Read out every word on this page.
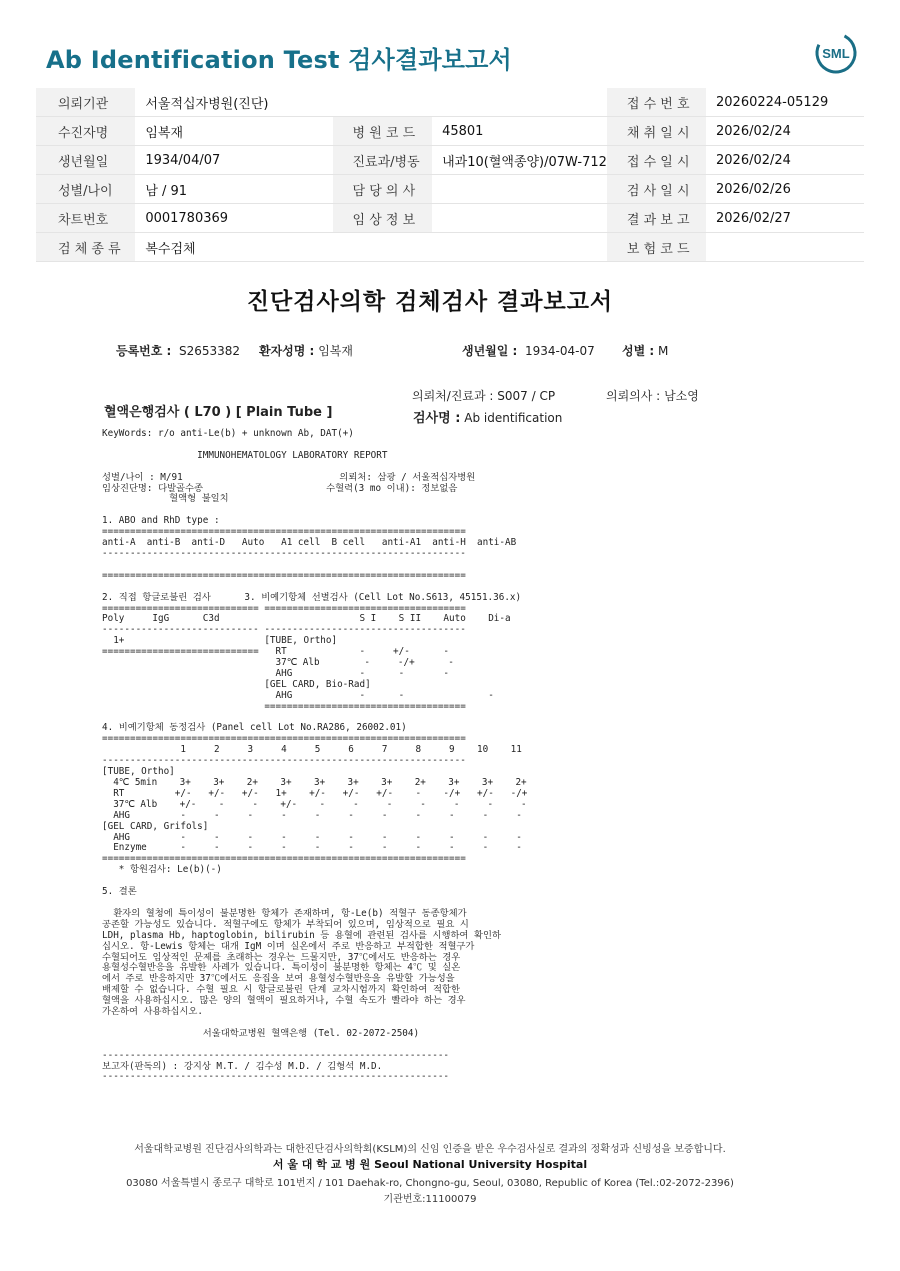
Ab Identification Test 검사결과보고서	SML
의뢰기관	서울적십자병원(진단)			접 수 번 호	20260224-05129
수진자명	임복재	병 원 코 드	45801	채 취 일 시	2026/02/24
생년월일	1934/04/07	진료과/병동	내과10(혈액종양)/07W-712	접 수 일 시	2026/02/24
성별/나이	남 / 91	담 당 의 사		검 사 일 시	2026/02/26
차트번호	0001780369	임 상 정 보		결 과 보 고	2026/02/27
검 체 종 류	복수검체			보 험 코 드	
진단검사의학 검체검사 결과보고서
등록번호 : S2653382 환자성명 : 임복재	생년월일 : 1934-04-07 성별 : M
의뢰처/진료과 : S007 / CP	의뢰의사 : 남소영
혈액은행검사 ( L70 ) [ Plain Tube ]	검사명 : Ab identification
KeyWords: r/o anti-Le(b) + unknown Ab, DAT(+)

IMMUNOHEMATOLOGY LABORATORY REPORT

성별/나이 : M/91                            의뢰처: 삼광 / 서울적십자병원
임상진단명: 다발골수종                      수혈력(3 mo 이내): 정보없음
혈액형 불일치

1. ABO and RhD type :
=================================================================
anti-A  anti-B  anti-D   Auto   A1 cell  B cell   anti-A1  anti-H  anti-AB
-----------------------------------------------------------------

=================================================================

2. 직접 항글로불린 검사      3. 비예기항체 선별검사 (Cell Lot No.S613, 45151.36.x)
============================ ====================================
Poly     IgG      C3d                         S I    S II    Auto    Di-a
---------------------------- ------------------------------------
1+                         [TUBE, Ortho]
============================   RT             -     +/-      -
37℃ Alb        -     -/+      -
AHG            -      -       -
[GEL CARD, Bio-Rad]
AHG            -      -               -
====================================

4. 비예기항체 동정검사 (Panel cell Lot No.RA286, 26002.01)
=================================================================
1     2     3     4     5     6     7     8     9    10    11
-----------------------------------------------------------------
[TUBE, Ortho]
4℃ 5min    3+    3+    2+    3+    3+    3+    3+    2+    3+    3+    2+
RT         +/-   +/-   +/-   1+    +/-   +/-   +/-    -    -/+   +/-   -/+
37℃ Alb    +/-    -     -    +/-    -     -     -     -     -     -     -
AHG         -     -     -     -     -     -     -     -     -     -     -
[GEL CARD, Grifols]
AHG         -     -     -     -     -     -     -     -     -     -     -
Enzyme      -     -     -     -     -     -     -     -     -     -     -
=================================================================
* 항원검사: Le(b)(-)

5. 결론

환자의 혈청에 특이성이 불분명한 항체가 존재하며, 항-Le(b) 적혈구 동종항체가
공존할 가능성도 있습니다. 적혈구에도 항체가 부착되어 있으며, 임상적으로 필요 시
LDH, plasma Hb, haptoglobin, bilirubin 등 용혈에 관련된 검사를 시행하여 확인하
십시오. 항-Lewis 항체는 대개 IgM 이며 실온에서 주로 반응하고 부적합한 적혈구가
수혈되어도 임상적인 문제를 초래하는 경우는 드물지만, 37℃에서도 반응하는 경우
용혈성수혈반응을 유발한 사례가 있습니다. 특이성이 불분명한 항체는 4℃ 및 실온
에서 주로 반응하지만 37℃에서도 응집을 보여 용혈성수혈반응을 유발할 가능성을
배제할 수 없습니다. 수혈 필요 시 항글로불린 단계 교차시험까지 확인하여 적합한
혈액을 사용하십시오. 많은 양의 혈액이 필요하거나, 수혈 속도가 빨라야 하는 경우
가온하여 사용하십시오.

서울대학교병원 혈액은행 (Tel. 02-2072-2504)

--------------------------------------------------------------
보고자(판독의) : 강지상 M.T. / 김수성 M.D. / 김형석 M.D.
--------------------------------------------------------------
서울대학교병원 진단검사의학과는 대한진단검사의학회(KSLM)의 신임 인증을 받은 우수검사실로 결과의 정확성과 신빙성을 보증합니다.
서 울 대 학 교 병 원 Seoul National University Hospital
03080 서울특별시 종로구 대학로 101번지 / 101 Daehak-ro, Chongno-gu, Seoul, 03080, Republic of Korea (Tel.:02-2072-2396)
기관번호:11100079
